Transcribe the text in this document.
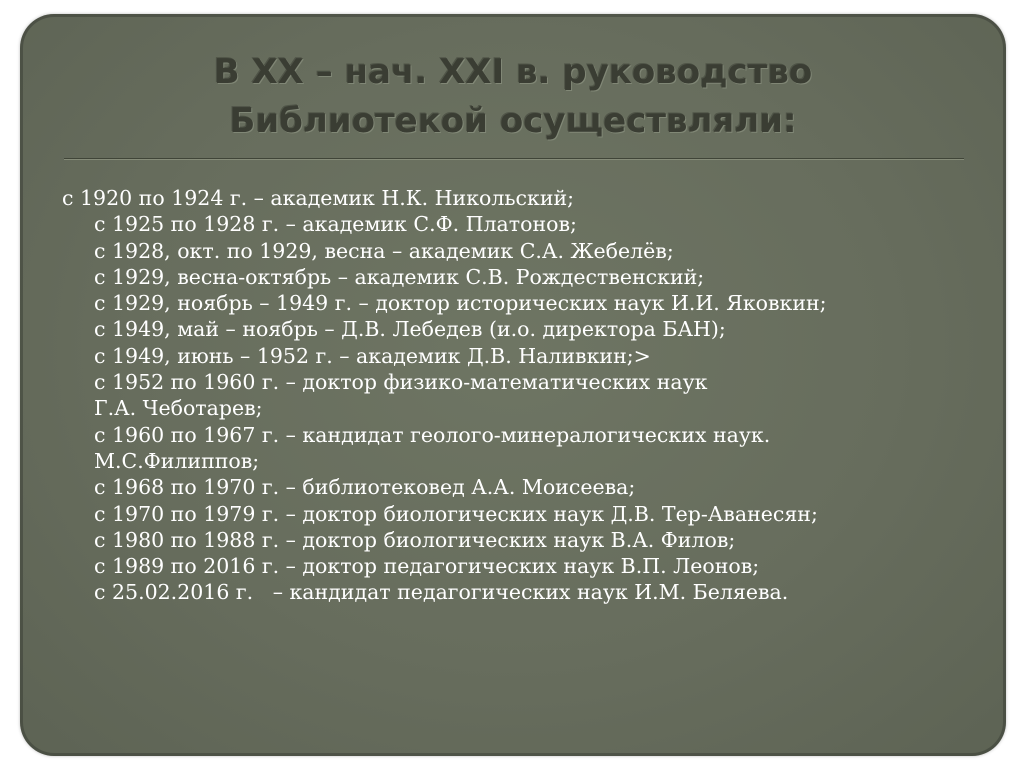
В XX – нач. XXI в. руководство
Библиотекой осуществляли:
с 1920 по 1924 г. – академик Н.К. Никольский;
с 1925 по 1928 г. – академик С.Ф. Платонов;
с 1928, окт. по 1929, весна – академик С.А. Жебелёв;
с 1929, весна-октябрь – академик С.В. Рождественский;
с 1929, ноябрь – 1949 г. – доктор исторических наук И.И. Яковкин;
с 1949, май – ноябрь – Д.В. Лебедев (и.о. директора БАН);
с 1949, июнь – 1952 г. – академик Д.В. Наливкин;>
с 1952 по 1960 г. – доктор физико-математических наук
Г.А. Чеботарев;
с 1960 по 1967 г. – кандидат геолого-минералогических наук.
М.С.Филиппов;
с 1968 по 1970 г. – библиотековед А.А. Моисеева;
с 1970 по 1979 г. – доктор биологических наук Д.В. Тер-Аванесян;
с 1980 по 1988 г. – доктор биологических наук В.А. Филов;
с 1989 по 2016 г. – доктор педагогических наук В.П. Леонов;
с 25.02.2016 г.   – кандидат педагогических наук И.М. Беляева.
